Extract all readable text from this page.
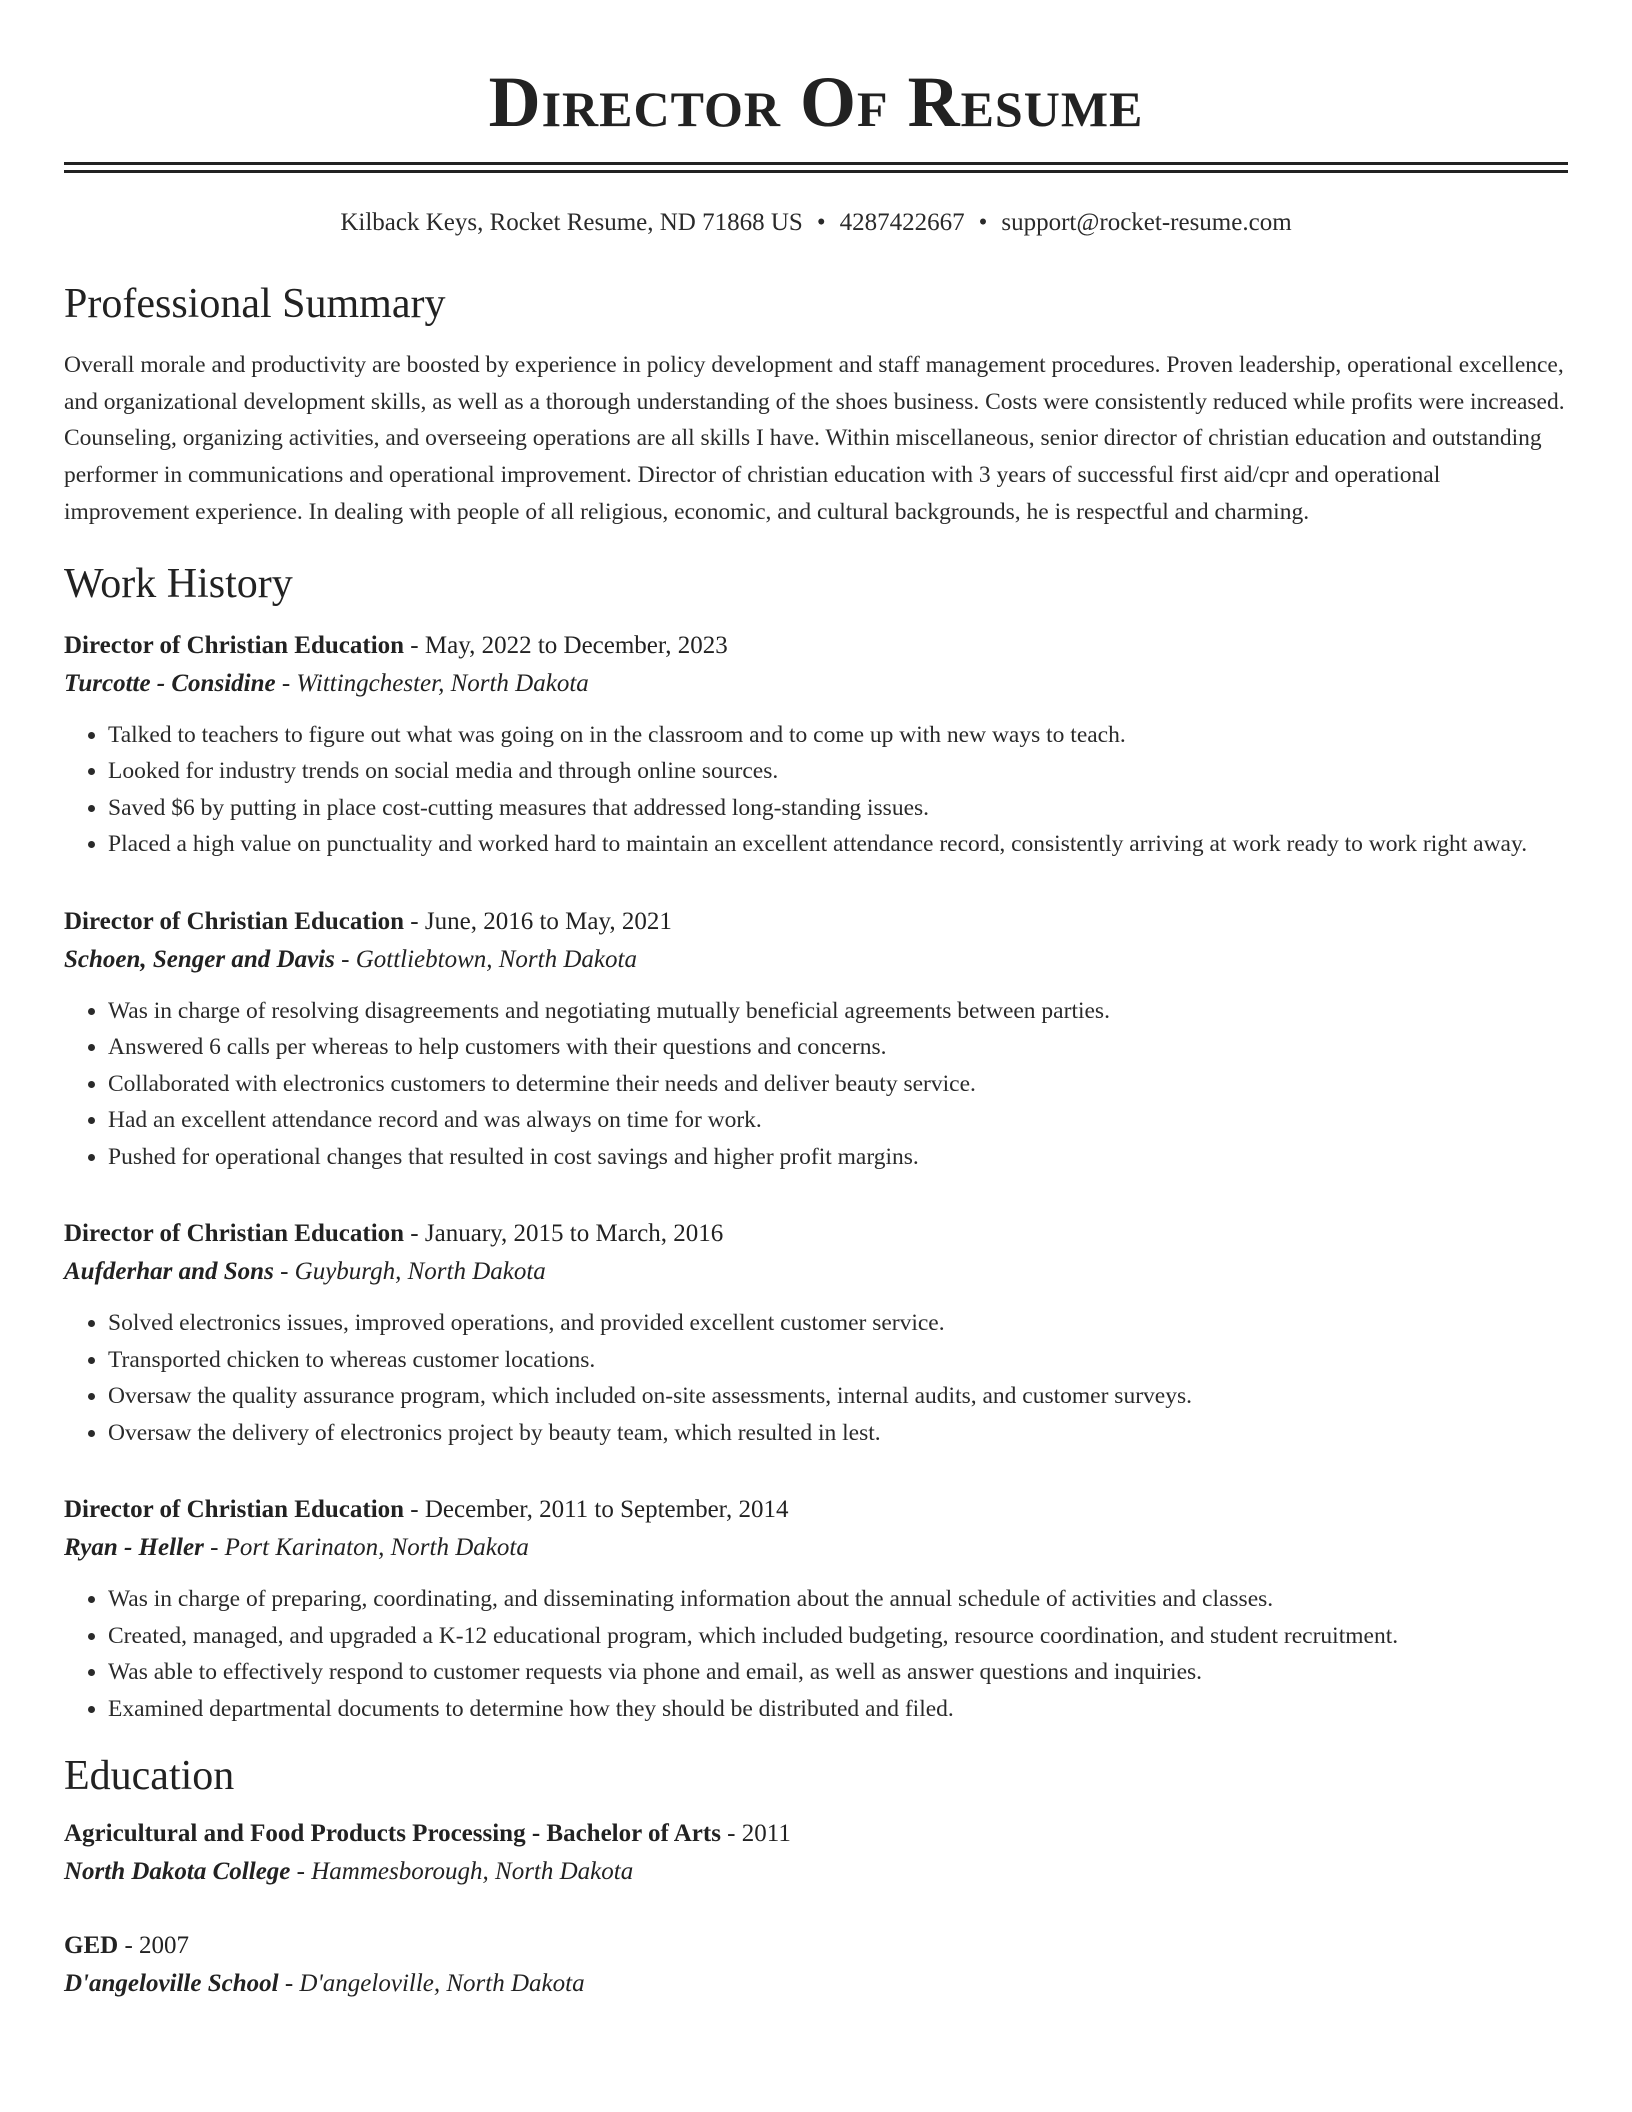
Director Of Resume
Kilback Keys, Rocket Resume, ND 71868 US • 4287422667 • support@rocket-resume.com
Professional Summary

Overall morale and productivity are boosted by experience in policy development and staff management procedures. Proven leadership, operational excellence, and organizational development skills, as well as a thorough understanding of the shoes business. Costs were consistently reduced while profits were increased. Counseling, organizing activities, and overseeing operations are all skills I have. Within miscellaneous, senior director of christian education and outstanding performer in communications and operational improvement. Director of christian education with 3 years of successful first aid/cpr and operational improvement experience. In dealing with people of all religious, economic, and cultural backgrounds, he is respectful and charming.

Work History
Director of Christian Education - May, 2022 to December, 2023
Turcotte - Considine - Wittingchester, North Dakota
• Talked to teachers to figure out what was going on in the classroom and to come up with new ways to teach.
• Looked for industry trends on social media and through online sources.
• Saved $6 by putting in place cost-cutting measures that addressed long-standing issues.
• Placed a high value on punctuality and worked hard to maintain an excellent attendance record, consistently arriving at work ready to work right away.
Director of Christian Education - June, 2016 to May, 2021
Schoen, Senger and Davis - Gottliebtown, North Dakota
• Was in charge of resolving disagreements and negotiating mutually beneficial agreements between parties.
• Answered 6 calls per whereas to help customers with their questions and concerns.
• Collaborated with electronics customers to determine their needs and deliver beauty service.
• Had an excellent attendance record and was always on time for work.
• Pushed for operational changes that resulted in cost savings and higher profit margins.
Director of Christian Education - January, 2015 to March, 2016
Aufderhar and Sons - Guyburgh, North Dakota
• Solved electronics issues, improved operations, and provided excellent customer service.
• Transported chicken to whereas customer locations.
• Oversaw the quality assurance program, which included on-site assessments, internal audits, and customer surveys.
• Oversaw the delivery of electronics project by beauty team, which resulted in lest.
Director of Christian Education - December, 2011 to September, 2014
Ryan - Heller - Port Karinaton, North Dakota
• Was in charge of preparing, coordinating, and disseminating information about the annual schedule of activities and classes.
• Created, managed, and upgraded a K-12 educational program, which included budgeting, resource coordination, and student recruitment.
• Was able to effectively respond to customer requests via phone and email, as well as answer questions and inquiries.
• Examined departmental documents to determine how they should be distributed and filed.
Education
Agricultural and Food Products Processing - Bachelor of Arts - 2011
North Dakota College - Hammesborough, North Dakota
GED - 2007
D'angeloville School - D'angeloville, North Dakota
